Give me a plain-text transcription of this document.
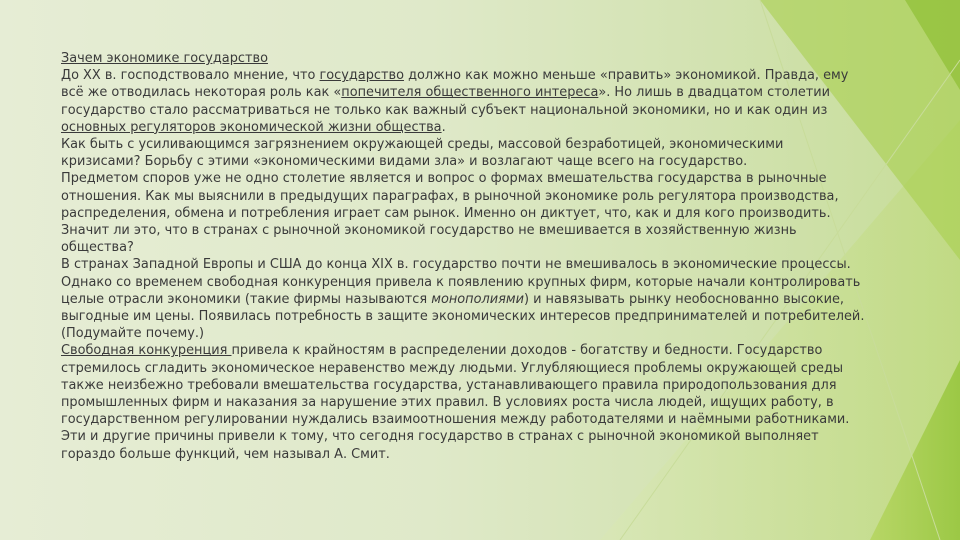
Зачем экономике государство
До XX в. господствовало мнение, что государство должно как можно меньше «править» экономикой. Правда, ему
всё же отводилась некоторая роль как «попечителя общественного интереса». Но лишь в двадцатом столетии
государство стало рассматриваться не только как важный субъект национальной экономики, но и как один из
основных регуляторов экономической жизни общества.
Как быть с усиливающимся загрязнением окружающей среды, массовой безработицей, экономическими
кризисами? Борьбу с этими «экономическими видами зла» и возлагают чаще всего на государство.
Предметом споров уже не одно столетие является и вопрос о формах вмешательства государства в рыночные
отношения. Как мы выяснили в предыдущих параграфах, в рыночной экономике роль регулятора производства,
распределения, обмена и потребления играет сам рынок. Именно он диктует, что, как и для кого производить.
Значит ли это, что в странах с рыночной экономикой государство не вмешивается в хозяйственную жизнь
общества?
В странах Западной Европы и США до конца XIX в. государство почти не вмешивалось в экономические процессы.
Однако со временем свободная конкуренция привела к появлению крупных фирм, которые начали контролировать
целые отрасли экономики (такие фирмы называются монополиями) и навязывать рынку необоснованно высокие,
выгодные им цены. Появилась потребность в защите экономических интересов предпринимателей и потребителей.
(Подумайте почему.)
Свободная конкуренция привела к крайностям в распределении доходов - богатству и бедности. Государство
стремилось сгладить экономическое неравенство между людьми. Углубляющиеся проблемы окружающей среды
также неизбежно требовали вмешательства государства, устанавливающего правила природопользования для
промышленных фирм и наказания за нарушение этих правил. В условиях роста числа людей, ищущих работу, в
государственном регулировании нуждались взаимоотношения между работодателями и наёмными работниками.
Эти и другие причины привели к тому, что сегодня государство в странах с рыночной экономикой выполняет
гораздо больше функций, чем называл А. Смит.
